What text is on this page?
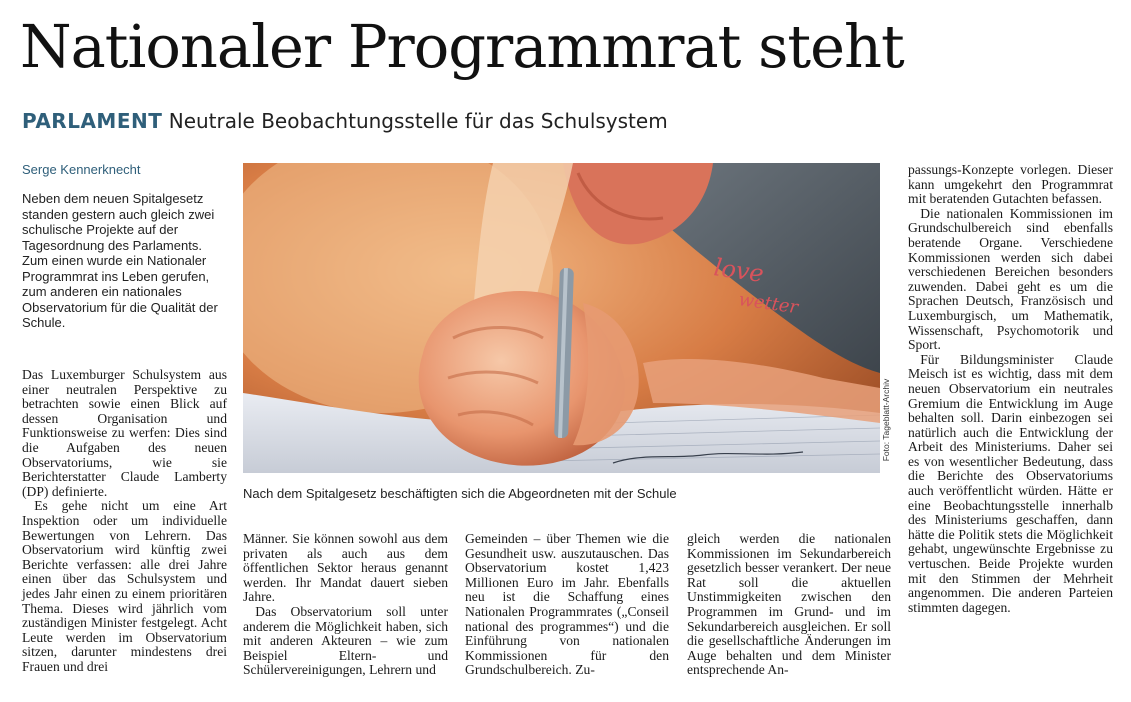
Nationaler Programmrat steht
PARLAMENT Neutrale Beobachtungsstelle für das Schulsystem
Serge Kennerknecht
Neben dem neuen Spitalgesetz standen gestern auch gleich zwei schulische Projekte auf der Tagesordnung des Parlaments. Zum einen wurde ein Nationaler Programmrat ins Leben gerufen, zum anderen ein nationales Observatorium für die Qualität der Schule.

Das Luxemburger Schulsystem aus einer neutralen Perspektive zu betrachten sowie einen Blick auf dessen Organisation und Funktionsweise zu werfen: Dies sind die Aufgaben des neuen Observatoriums, wie sie Berichterstatter Claude Lamberty (DP) definierte.

Es gehe nicht um eine Art Inspektion oder um individuelle Bewertungen von Lehrern. Das Observatorium wird künftig zwei Berichte verfassen: alle drei Jahre einen über das Schulsystem und jedes Jahr einen zu einem prioritären Thema. Dieses wird jährlich vom zuständigen Minister festgelegt. Acht Leute werden im Observatorium sitzen, darunter mindestens drei Frauen und drei

Männer. Sie können sowohl aus dem privaten als auch aus dem öffentlichen Sektor heraus genannt werden. Ihr Mandat dauert sieben Jahre.

Das Observatorium soll unter anderem die Möglichkeit haben, sich mit anderen Akteuren – wie zum Beispiel Eltern- und Schülervereinigungen, Lehrern und

Gemeinden – über Themen wie die Gesundheit usw. auszutauschen. Das Observatorium kostet 1,423 Millionen Euro im Jahr. Ebenfalls neu ist die Schaffung eines Nationalen Programmrates („Conseil national des programmes“) und die Einführung von nationalen Kommissionen für den Grundschulbereich. Zu-

gleich werden die nationalen Kommissionen im Sekundarbereich gesetzlich besser verankert. Der neue Rat soll die aktuellen Unstimmigkeiten zwischen den Programmen im Grund- und im Sekundarbereich ausgleichen. Er soll die gesellschaftliche Änderungen im Auge behalten und dem Minister entsprechende An-

passungs-Konzepte vorlegen. Dieser kann umgekehrt den Programmrat mit beratenden Gutachten befassen.

Die nationalen Kommissionen im Grundschulbereich sind ebenfalls beratende Organe. Verschiedene Kommissionen werden sich dabei verschiedenen Bereichen besonders zuwenden. Dabei geht es um die Sprachen Deutsch, Französisch und Luxemburgisch, um Mathematik, Wissenschaft, Psychomotorik und Sport.

Für Bildungsminister Claude Meisch ist es wichtig, dass mit dem neuen Observatorium ein neutrales Gremium die Entwicklung im Auge behalten soll. Darin einbezogen sei natürlich auch die Entwicklung der Arbeit des Ministeriums. Daher sei es von wesentlicher Bedeutung, dass die Berichte des Observatoriums auch veröffentlicht würden. Hätte er eine Beobachtungsstelle innerhalb des Ministeriums geschaffen, dann hätte die Politik stets die Möglichkeit gehabt, ungewünschte Ergebnisse zu vertuschen. Beide Projekte wurden mit den Stimmen der Mehrheit angenommen. Die anderen Parteien stimmten dagegen.

love
wetter
Foto: Tageblatt-Archiv
Nach dem Spitalgesetz beschäftigten sich die Abgeordneten mit der Schule
